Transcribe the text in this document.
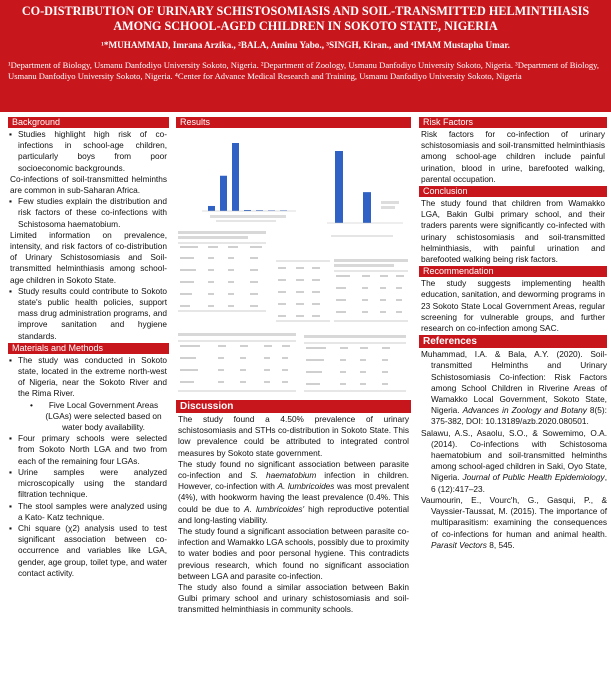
CO-DISTRIBUTION OF URINARY SCHISTOSOMIASIS AND SOIL-TRANSMITTED HELMINTHIASIS AMONG SCHOOL-AGED CHILDREN IN SOKOTO STATE, NIGERIA
¹*MUHAMMAD, Imrana Arzika., ²BALA, Aminu Yabo., ³SINGH, Kiran., and ⁴IMAM Mustapha Umar.
¹Department of Biology, Usmanu Danfodiyo University Sokoto, Nigeria. ²Department of Zoology, Usmanu Danfodiyo University Sokoto, Nigeria. ³Department of Biology, Usmanu Danfodiyo University Sokoto, Nigeria. ⁴Center for Advance Medical Research and Training, Usmanu Danfodiyo University Sokoto, Nigeria
Background
▪ Studies highlight high risk of co-infections in school-age children, particularly boys from poor socioeconomic backgrounds.

Co-infections of soil-transmitted helminths are common in sub-Saharan Africa.

▪ Few studies explain the distribution and risk factors of these co-infections with Schistosoma haematobium.

Limited information on prevalence, intensity, and risk factors of co-distribution of Urinary Schistosomiasis and Soil-transmitted helminthiasis among school-age children in Sokoto State.

▪ Study results could contribute to Sokoto state's public health policies, support mass drug administration programs, and improve sanitation and hygiene standards.
Materials and Methods
▪ The study was conducted in Sokoto state, located in the extreme north-west of Nigeria, near the Sokoto River and the Rima River.
• Five Local Government Areas (LGAs) were selected based on water body availability.
▪ Four primary schools were selected from Sokoto North LGA and two from each of the remaining four LGAs.
▪ Urine samples were analyzed microscopically using the standard filtration technique.
▪ The stool samples were analyzed using a Kato- Katz technique.
▪ Chi square (χ2) analysis used to test significant association between co-occurrence and variables like LGA, gender, age group, toilet type, and water contact activity.
Results
Discussion

The study found a 4.50% prevalence of urinary schistosomiasis and STHs co-distribution in Sokoto State. This low prevalence could be attributed to integrated control measures by Sokoto state government.

The study found no significant association between parasite co-infection and S. haematobium infection in children. However, co-infection with A. lumbricoides was most prevalent (4%), with hookworm having the least prevalence (0.4%. This could be due to A. lumbricoides' high reproductive potential and long-lasting viability.

The study found a significant association between parasite co-infection and Wamakko LGA schools, possibly due to proximity to water bodies and poor personal hygiene. This contradicts previous research, which found no significant association between LGA and parasite co-infection.

The study also found a similar association between Bakin Gulbi primary school and urinary schistosomiasis and soil-transmitted helminthiasis in community schools.

Risk Factors

Risk factors for co-infection of urinary schistosomiasis and soil-transmitted helminthiasis among school-age children include painful urination, blood in urine, barefooted walking, parental occupation.

Conclusion

The study found that children from Wamakko LGA, Bakin Gulbi primary school, and their traders parents were significantly co-infected with urinary schistosomiasis and soil-transmitted helminthiasis, with painful urination and barefooted walking being risk factors.

Recommendation

The study suggests implementing health education, sanitation, and deworming programs in 23 Sokoto State Local Government Areas, regular screening for vulnerable groups, and further research on co-infection among SAC.

References

Muhammad, I.A. & Bala, A.Y. (2020). Soil-transmitted Helminths and Urinary Schistosomiasis Co-infection: Risk Factors among School Children in Riverine Areas of Wamakko Local Government, Sokoto State, Nigeria. Advances in Zoology and Botany 8(5): 375-382, DOI: 10.13189/azb.2020.080501.

Salawu, A.S., Asaolu, S.O., & Sowemimo, O.A. (2014). Co-infections with Schistosoma haematobium and soil-transmitted helminths among school-aged children in Saki, Oyo State, Nigeria. Journal of Public Health Epidemiology, 6 (12):417–23.

Vaumourin, E., Vourc'h, G., Gasqui, P., & Vayssier-Taussat, M. (2015). The importance of multiparasitism: examining the consequences of co-infections for human and animal health. Parasit Vectors 8, 545.
